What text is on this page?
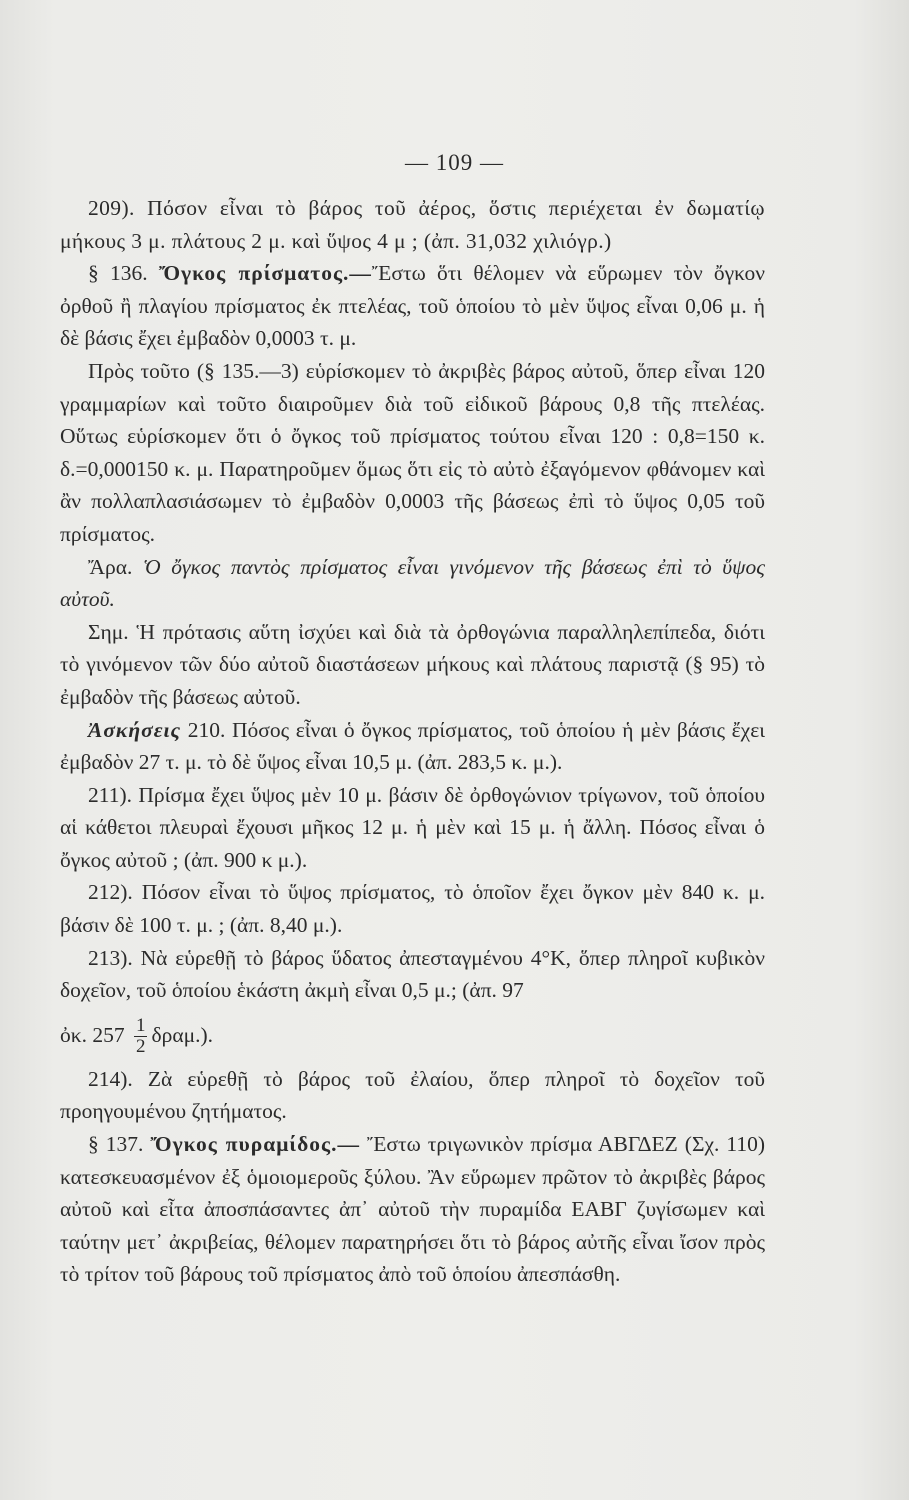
— 109 —

209). Πόσον εἶναι τὸ βάρος τοῦ ἀέρος, ὅστις περιέχεται ἐν δωματίῳ μήκους 3 μ. πλάτους 2 μ. καὶ ὕψος 4 μ ; (ἀπ. 31,032 χιλιόγρ.)

§ 136. Ὄγκος πρίσματος.—Ἔστω ὅτι θέλομεν νὰ εὕρωμεν τὸν ὄγκον ὀρθοῦ ἢ πλαγίου πρίσματος ἐκ πτελέας, τοῦ ὁποίου τὸ μὲν ὕψος εἶναι 0,06 μ. ἡ δὲ βάσις ἔχει ἐμβαδὸν 0,0003 τ. μ.

Πρὸς τοῦτο (§ 135.—3) εὑρίσκομεν τὸ ἀκριβὲς βάρος αὐτοῦ, ὅπερ εἶναι 120 γραμμαρίων καὶ τοῦτο διαιροῦμεν διὰ τοῦ εἰδικοῦ βάρους 0,8 τῆς πτελέας. Οὕτως εὑρίσκομεν ὅτι ὁ ὄγκος τοῦ πρίσματος τούτου εἶναι 120 : 0,8=150 κ. δ.=0,000150 κ. μ. Παρατηροῦμεν ὅμως ὅτι εἰς τὸ αὐτὸ ἐξαγόμενον φθάνομεν καὶ ἂν πολλαπλασιάσωμεν τὸ ἐμβαδὸν 0,0003 τῆς βάσεως ἐπὶ τὸ ὕψος 0,05 τοῦ πρίσματος.

Ἄρα. Ὁ ὄγκος παντὸς πρίσματος εἶναι γινόμενον τῆς βάσεως ἐπὶ τὸ ὕψος αὐτοῦ.

Σημ. Ἡ πρότασις αὕτη ἰσχύει καὶ διὰ τὰ ὀρθογώνια παραλληλεπίπεδα, διότι τὸ γινόμενον τῶν δύο αὐτοῦ διαστάσεων μήκους καὶ πλάτους παριστᾷ (§ 95) τὸ ἐμβαδὸν τῆς βάσεως αὐτοῦ.

Ἀσκήσεις 210. Πόσος εἶναι ὁ ὄγκος πρίσματος, τοῦ ὁποίου ἡ μὲν βάσις ἔχει ἐμβαδὸν 27 τ. μ. τὸ δὲ ὕψος εἶναι 10,5 μ. (ἀπ. 283,5 κ. μ.).

211). Πρίσμα ἔχει ὕψος μὲν 10 μ. βάσιν δὲ ὀρθογώνιον τρίγωνον, τοῦ ὁποίου αἱ κάθετοι πλευραὶ ἔχουσι μῆκος 12 μ. ἡ μὲν καὶ 15 μ. ἡ ἄλλη. Πόσος εἶναι ὁ ὄγκος αὐτοῦ ; (ἀπ. 900 κ μ.).

212). Πόσον εἶναι τὸ ὕψος πρίσματος, τὸ ὁποῖον ἔχει ὄγκον μὲν 840 κ. μ. βάσιν δὲ 100 τ. μ. ; (ἀπ. 8,40 μ.).

213). Νὰ εὑρεθῇ τὸ βάρος ὕδατος ἀπεσταγμένου 4°Κ, ὅπερ πληροῖ κυβικὸν δοχεῖον, τοῦ ὁποίου ἑκάστη ἀκμὴ εἶναι 0,5 μ.; (ἀπ. 97

ὀκ. $257 \frac{1}{2} \delta\rho\alpha\mu$.).

214). Ζὰ εὑρεθῇ τὸ βάρος τοῦ ἐλαίου, ὅπερ πληροῖ τὸ δοχεῖον τοῦ προηγουμένου ζητήματος.

§ 137. Ὄγκος πυραμίδος.— Ἔστω τριγωνικὸν πρίσμα ΑΒΓΔΕΖ (Σχ. 110) κατεσκευασμένον ἐξ ὁμοιομεροῦς ξύλου. Ἂν εὕρωμεν πρῶτον τὸ ἀκριβὲς βάρος αὐτοῦ καὶ εἶτα ἀποσπάσαντες ἀπ᾿ αὐτοῦ τὴν πυραμίδα ΕΑΒΓ ζυγίσωμεν καὶ ταύτην μετ᾿ ἀκριβείας, θέλομεν παρατηρήσει ὅτι τὸ βάρος αὐτῆς εἶναι ἴσον πρὸς τὸ τρίτον τοῦ βάρους τοῦ πρίσματος ἀπὸ τοῦ ὁποίου ἀπεσπάσθη.
